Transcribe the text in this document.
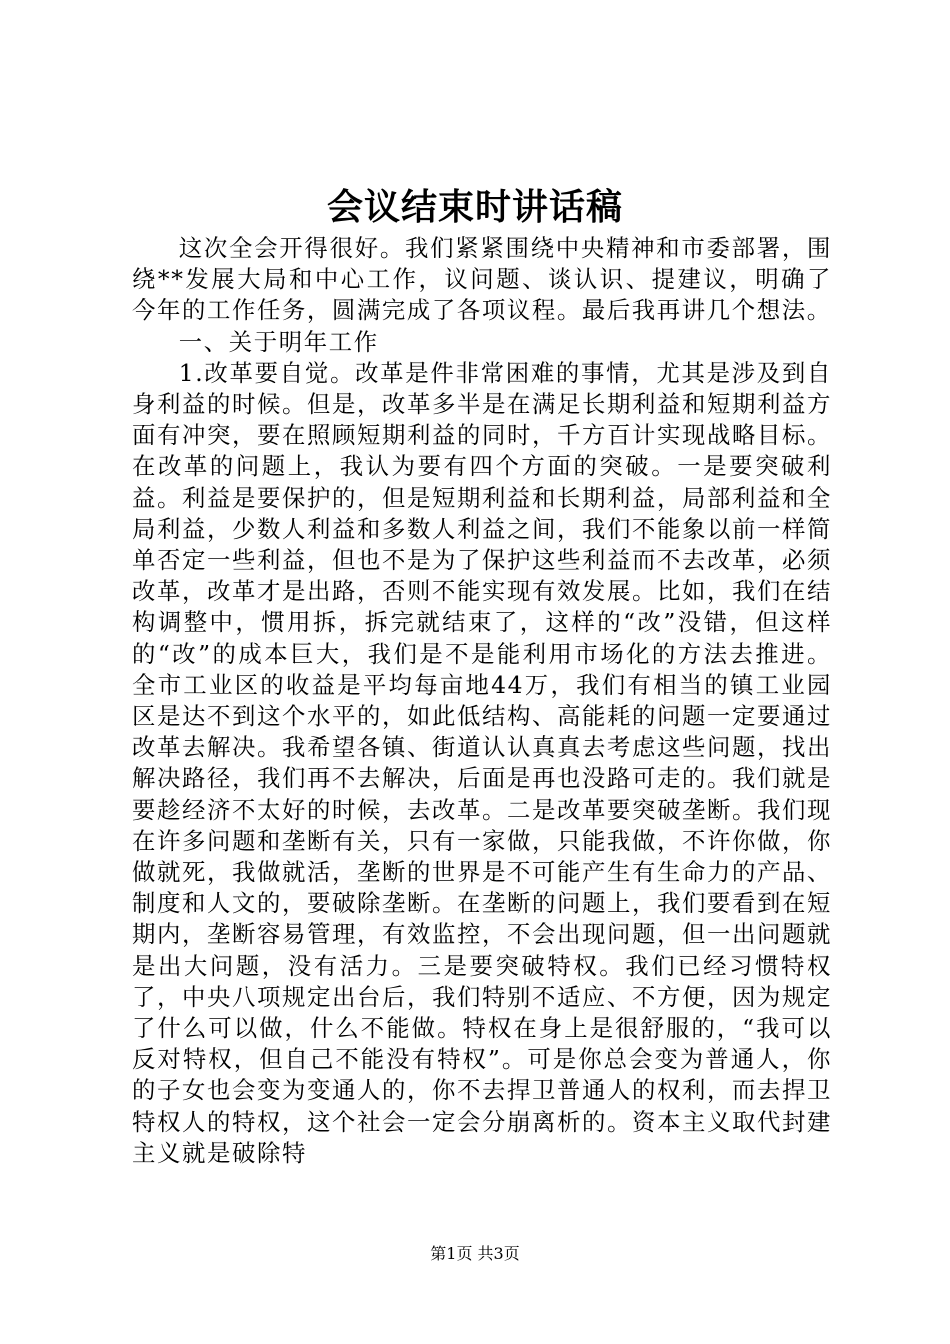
会议结束时讲话稿

这次全会开得很好。我们紧紧围绕中央精神和市委部署，围绕**发展大局和中心工作，议问题、谈认识、提建议，明确了今年的工作任务，圆满完成了各项议程。最后我再讲几个想法。

一、关于明年工作

1.改革要自觉。改革是件非常困难的事情，尤其是涉及到自身利益的时候。但是，改革多半是在满足长期利益和短期利益方面有冲突，要在照顾短期利益的同时，千方百计实现战略目标。在改革的问题上，我认为要有四个方面的突破。一是要突破利益。利益是要保护的，但是短期利益和长期利益，局部利益和全局利益，少数人利益和多数人利益之间，我们不能象以前一样简单否定一些利益，但也不是为了保护这些利益而不去改革，必须改革，改革才是出路，否则不能实现有效发展。比如，我们在结构调整中，惯用拆，拆完就结束了，这样的“改”没错，但这样的“改”的成本巨大，我们是不是能利用市场化的方法去推进。全市工业区的收益是平均每亩地44万，我们有相当的镇工业园区是达不到这个水平的，如此低结构、高能耗的问题一定要通过改革去解决。我希望各镇、街道认认真真去考虑这些问题，找出解决路径，我们再不去解决，后面是再也没路可走的。我们就是要趁经济不太好的时候，去改革。二是改革要突破垄断。我们现在许多问题和垄断有关，只有一家做，只能我做，不许你做，你做就死，我做就活，垄断的世界是不可能产生有生命力的产品、制度和人文的，要破除垄断。在垄断的问题上，我们要看到在短期内，垄断容易管理，有效监控，不会出现问题，但一出问题就是出大问题，没有活力。三是要突破特权。我们已经习惯特权了，中央八项规定出台后，我们特别不适应、不方便，因为规定了什么可以做，什么不能做。特权在身上是很舒服的，“我可以反对特权，但自己不能没有特权”。可是你总会变为普通人，你的子女也会变为变通人的，你不去捍卫普通人的权利，而去捍卫特权人的特权，这个社会一定会分崩离析的。资本主义取代封建主义就是破除特

第1页 共3页
